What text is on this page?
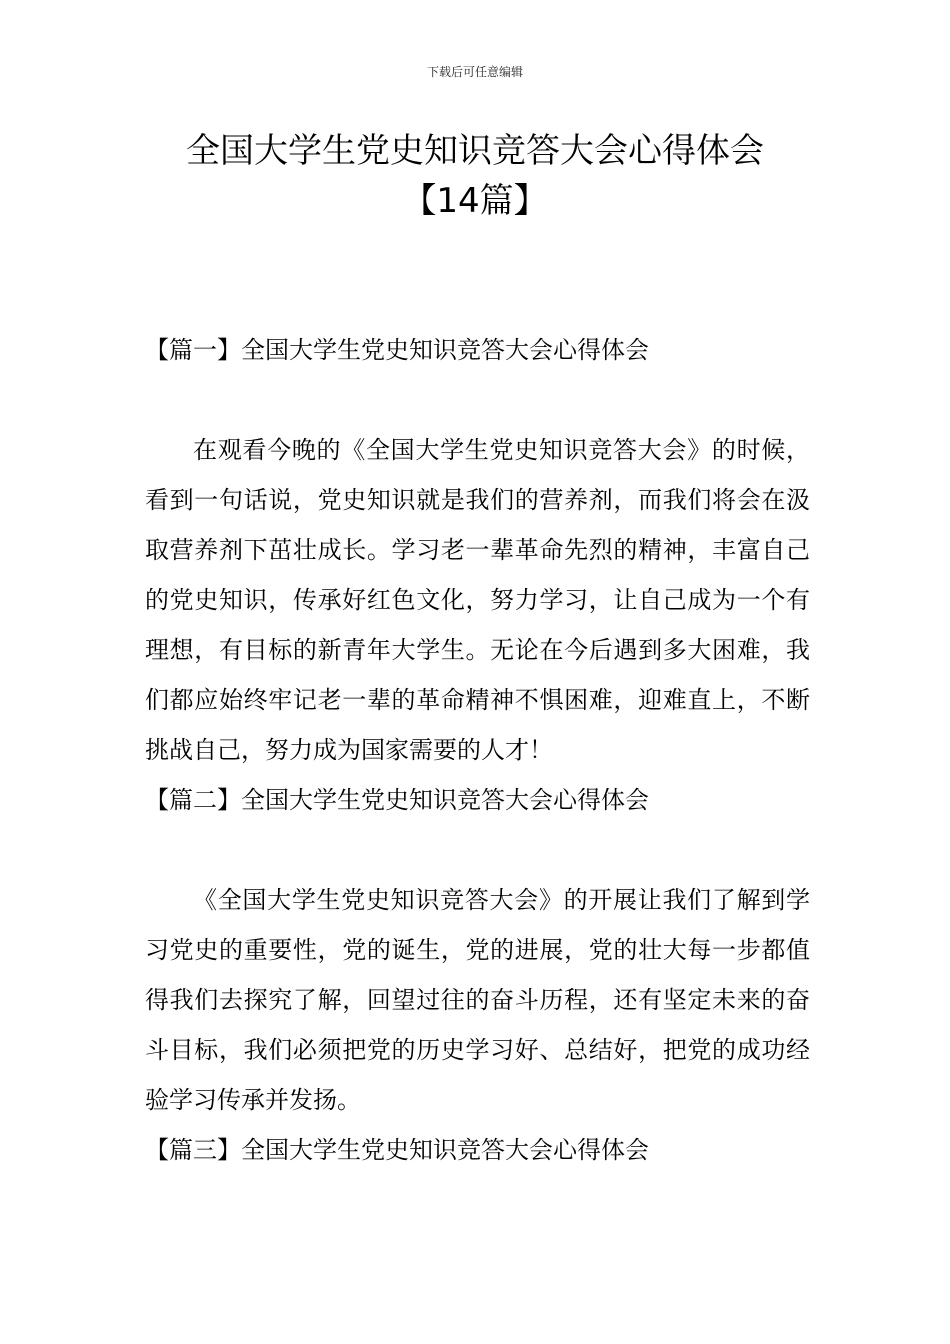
下载后可任意编辑
全国大学生党史知识竞答大会心得体会
【14篇】

【篇一】全国大学生党史知识竞答大会心得体会

在观看今晚的《全国大学生党史知识竞答大会》的时候，看到一句话说，党史知识就是我们的营养剂，而我们将会在汲取营养剂下茁壮成长。学习老一辈革命先烈的精神，丰富自己的党史知识，传承好红色文化，努力学习，让自己成为一个有理想，有目标的新青年大学生。无论在今后遇到多大困难，我们都应始终牢记老一辈的革命精神不惧困难，迎难直上，不断挑战自己，努力成为国家需要的人才！

【篇二】全国大学生党史知识竞答大会心得体会

《全国大学生党史知识竞答大会》的开展让我们了解到学习党史的重要性，党的诞生，党的进展，党的壮大每一步都值得我们去探究了解，回望过往的奋斗历程，还有坚定未来的奋斗目标，我们必须把党的历史学习好、总结好，把党的成功经验学习传承并发扬。

【篇三】全国大学生党史知识竞答大会心得体会
